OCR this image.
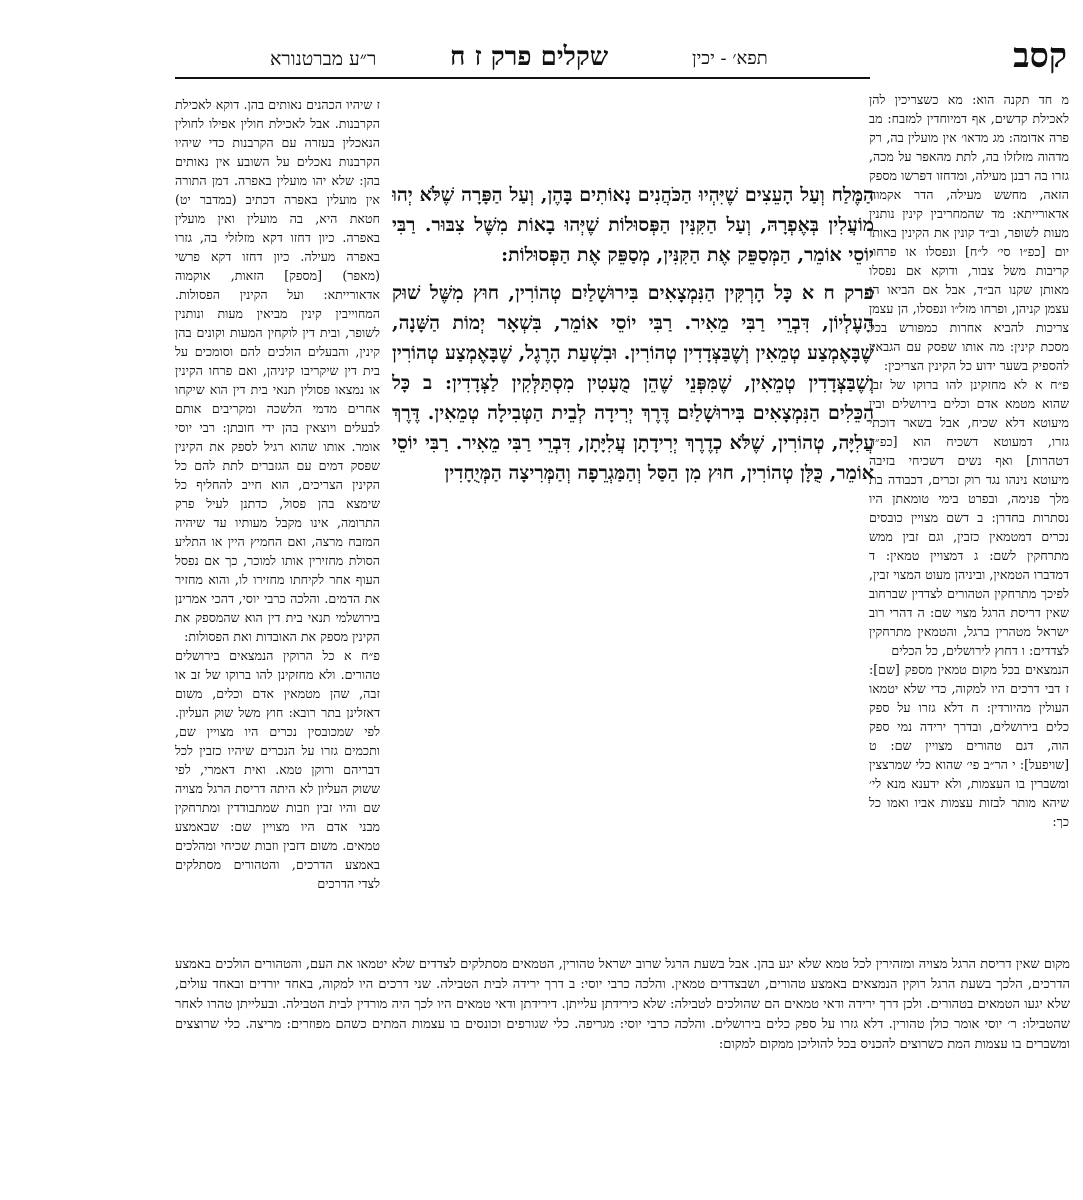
קסב
תפא׳ - יכין
שקלים פרק ז ח
ר״ע מברטנורא

מ חד תקנה הוא: מא כשצריכין להן לאכילת קדשים, אף דמיוחדין למזבח: מב פרה אדומה: מג מדאו׳ אין מועלין בה, רק מדהוה מזלזלו בה, לתת מהאפר על מכה, גזרו בה רבנן מעילה, ומדחזו דפרשו מספק הזאה, מחשש מעילה, הדר אקמוה אדאורייתא: מד שהמחריבין קינין נותנין מעות לשופר, וב״ד קונין את הקינין באותו יום [כפ״ו סי׳ ל״ח] ונפסלו או פרחו, קריבות משל צבור, ודוקא אם נפסלו מאותן שקנו הב״ד, אבל אם הביאו הן עצמן קניהן, ופרחו מזל״ו ונפסלו, הן עצמן צריכות להביא אחרות כמפורש בכל מסכת קינין: מה אותו שפסק עם הגבאין להספיק בשער ידוע כל הקינין הצריכין:

פ״ח א לא מחזקינן להו ברוקו של זב, שהוא מטמא אדם וכלים בירושלים ובין מיעוטא דלא שכיח, אבל בשאר דוכתי גזרו, דמעוטא דשכיח הוא [כפ״ד דטהרות] ואף נשים דשכיחי בזיבה מיעוטא נינהו נגד רוק זכרים, דכבודה בת מלך פנימה, ובפרט בימי טומאתן היו נסתרות בחדרן: ב דשם מצויין כובסים נכרים דמטמאין כזבין, וגם זבין ממש מתרחקין לשם: ג דמצויין טמאין: ד דמדברו הטמאין, וביניהן מעוט המצוי זבין, לפיכך מתרחקין הטהורים לצדדין שברחוב שאין דריסת הרגל מצוי שם: ה דהרי רוב ישראל מטהרין ברגל, והטמאין מתרחקין לצדדים: ו דחוץ לירושלים, כל הכלים

הנמצאים בכל מקום טמאין מספק [שם]: ז דבי דרכים היו למקוה, כדי שלא יטמאו העולין מהיורדין: ח דלא גזרו על ספק כלים בירושלים, ובדרך ירידה נמי ספק הוה, דגם טהורים מצויין שם: ט [שויפעל]: י הר״ב פי׳ שהוא כלי שמרצצין ומשברין בו העצמות, ולא ידענא מנא לי׳ שיהא מותר לבזות עצמות אביו ואמו כל כך:

ז שיהיו הכהנים נאותים בהן. דוקא לאכילת הקרבנות. אבל לאכילת חולין אפילו לחולין הנאכלין בעזרה עם הקרבנות כדי שיהיו הקרבנות נאכלים על השובע אין נאותים בהן: שלא יהו מועלין באפרה. דמן התורה אין מועלין באפרה דכתיב (במדבר יט) חטאת היא, בה מועלין ואין מועלין באפרה. כיון דחזו דקא מזלזלי בה, גזרו באפרה מעילה. כיון דחזו דקא פרשי (מאפר) [מספק] הזאות, אוקמוה אדאורייתא: ועל הקינין הפסולות. המחוייבין קינין מביאין מעות ונותנין לשופר, ובית דין לוקחין המעות וקונים בהן קינין, והבעלים הולכים להם וסומכים על בית דין שיקריבו קיניהן, ואם פרחו הקינין או נמצאו פסולין תנאי בית דין הוא שיקחו אחרים מדמי הלשכה ומקריבים אותם לבעלים ויוצאין בהן ידי חובתן: רבי יוסי אומר. אותו שהוא רגיל לספק את הקינין שפסק דמים עם הגזברים לתת להם כל הקינין הצריכים, הוא חייב להחליף כל שימצא בהן פסול, כדתנן לעיל פרק התרומה, אינו מקבל מעותיו עד שיהיה המזבח מרצה, ואם החמיץ היין או התליע הסולת מחזירין אותו למוכר, כך אם נפסל העוף אחר לקיחתו מחזירו לו, והוא מחזיר את הדמים. והלכה כרבי יוסי, דהכי אמרינן בירושלמי תנאי בית דין הוא שהמספק את הקינין מספק את האובדות ואת הפסולות:

פ״ח א כל הרוקין הנמצאים בירושלים טהורים. ולא מחזקינן להו ברוקו של זב או זבה, שהן מטמאין אדם וכלים, משום דאזלינן בתר רובא: חוץ משל שוק העליון. לפי שמכובסין נכרים היו מצויין שם, ותכמים גזרו על הנכרים שיהיו כזבין לכל דבריהם ורוקן טמא. ואית דאמרי, לפי ששוק העליון לא היתה דריסת הרגל מצויה שם והיו זבין וזבות שמתבודדין ומתרחקין מבני אדם היו מצויין שם: שבאמצע טמאים. משום דזבין וזבות שכיחי ומהלכים באמצע הדרכים, והטהורים מסתלקים לצדי הדרכים

הַמֶּלַח וְעַל הָעֵצִים שֶׁיִּהְיוּ הַכֹּהֲנִים נָאוֹתִים בָּהֶן, וְעַל הַפָּרָה שֶׁלֹּא יְהוּ מוֹעֲלִין בְּאֶפְרָהּ, וְעַל הַקִּנִּין הַפְּסוּלוֹת שֶׁיְּהוּ בָאוֹת מִשֶּׁל צִבּוּר. רַבִּי יוֹסֵי אוֹמֵר, הַמְּסַפֵּק אֶת הַקִּנִּין, מְסַפֵּק אֶת הַפְּסוּלוֹת:

פרק ח א כָּל הָרְקִּין הַנִּמְצָאִים בִּירוּשָׁלַיִם טְהוֹרִין, חוּץ מִשֶּׁל שׁוּק הָעֶלְיוֹן, דִּבְרֵי רַבִּי מֵאִיר. רַבִּי יוֹסֵי אוֹמֵר, בִּשְׁאָר יְמוֹת הַשָּׁנָה, שֶׁבָּאֶמְצַע טְמֵאִין וְשֶׁבַּצְּדָדִין טְהוֹרִין. וּבִשְׁעַת הָרֶגֶל, שֶׁבָּאֶמְצַע טְהוֹרִין וְשֶׁבַּצְּדָדִין טְמֵאִין, שֶׁמִּפְּנֵי שֶׁהֵן מֻעָטִין מִסְתַּלְּקִין לַצְּדָדִין: ב כָּל הַכֵּלִים הַנִּמְצָאִים בִּירוּשָׁלַיִם דֶּרֶךְ יְרִידָה לְבֵית הַטְּבִילָה טְמֵאִין. דֶּרֶךְ עֲלִיָּה, טְהוֹרִין, שֶׁלֹּא כְדֶרֶךְ יְרִידָתָן עֲלִיָּתָן, דִּבְרֵי רַבִּי מֵאִיר. רַבִּי יוֹסֵי אוֹמֵר, כֻּלָּן טְהוֹרִין, חוּץ מִן הַסַּל וְהַמַּגְרֵפָה וְהַמְּרִיצָה הַמְּיֻחָדִין

מקום שאין דריסת הרגל מצויה ומזהירין לכל טמא שלא יגע בהן. אבל בשעת הרגל שרוב ישראל טהורין, הטמאים מסתלקים לצדדים שלא יטמאו את העם, והטהורים הולכים באמצע הדרכים, הלכך בשעת הרגל רוקין הנמצאים באמצע טהורים, ושבצדדים טמאין. והלכה כרבי יוסי: ב דרך ירידה לבית הטבילה. שני דרכים היו למקוה, באחד יורדים ובאחד עולים, שלא יגעו הטמאים בטהורים. ולכן דרך ירידה ודאי טמאים הם שהולכים לטבילה: שלא כירידתן עלייתן. דירידתן ודאי טמאים היו לכך היה מורדין לבית הטבילה. ובעלייתן טהרו לאחר שהטבילו: ר׳ יוסי אומר כולן טהורין. דלא גזרו על ספק כלים בירושלים. והלכה כרבי יוסי: מגריפה. כלי שגורפים וכונסים בו עצמות המתים כשהם מפוזרים: מריצה. כלי שרוצצים ומשברים בו עצמות המת כשרוצים להכניס בכל להוליכן ממקום למקום:
